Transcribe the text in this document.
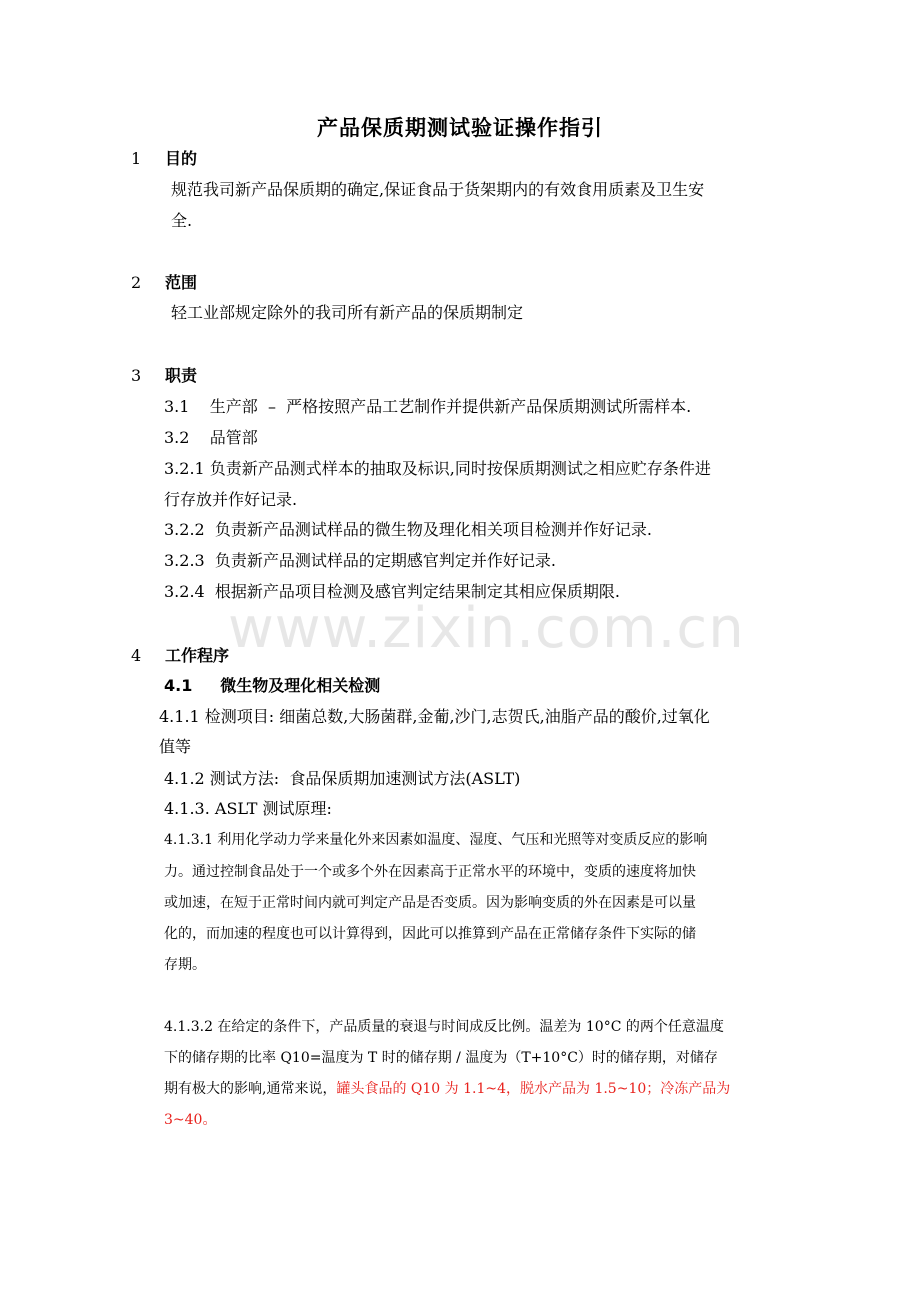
产品保质期测试验证操作指引
1 目的
规范我司新产品保质期的确定,保证食品于货架期内的有效食用质素及卫生安
全.
2 范围
轻工业部规定除外的我司所有新产品的保质期制定
3 职责
3.1    生产部  –  严格按照产品工艺制作并提供新产品保质期测试所需样本.
3.2    品管部
3.2.1 负责新产品测式样本的抽取及标识,同时按保质期测试之相应贮存条件进
行存放并作好记录.
3.2.2  负责新产品测试样品的微生物及理化相关项目检测并作好记录.
3.2.3  负责新产品测试样品的定期感官判定并作好记录.
3.2.4  根据新产品项目检测及感官判定结果制定其相应保质期限.
www.zixin.com.cn
4 工作程序
4.1     微生物及理化相关检测
4.1.1 检测项目: 细菌总数,大肠菌群,金葡,沙门,志贺氏,油脂产品的酸价,过氧化
值等
4.1.2 测试方法:  食品保质期加速测试方法(ASLT)
4.1.3. ASLT 测试原理:
4.1.3.1 利用化学动力学来量化外来因素如温度、湿度、气压和光照等对变质反应的影响
力。通过控制食品处于一个或多个外在因素高于正常水平的环境中，变质的速度将加快
或加速，在短于正常时间内就可判定产品是否变质。因为影响变质的外在因素是可以量
化的，而加速的程度也可以计算得到，因此可以推算到产品在正常储存条件下实际的储
存期。
4.1.3.2 在给定的条件下，产品质量的衰退与时间成反比例。温差为 10°C 的两个任意温度
下的储存期的比率 Q10=温度为 T 时的储存期 / 温度为（T+10°C）时的储存期，对储存
期有极大的影响,通常来说，罐头食品的 Q10 为 1.1~4，脱水产品为 1.5~10；冷冻产品为
3~40。
